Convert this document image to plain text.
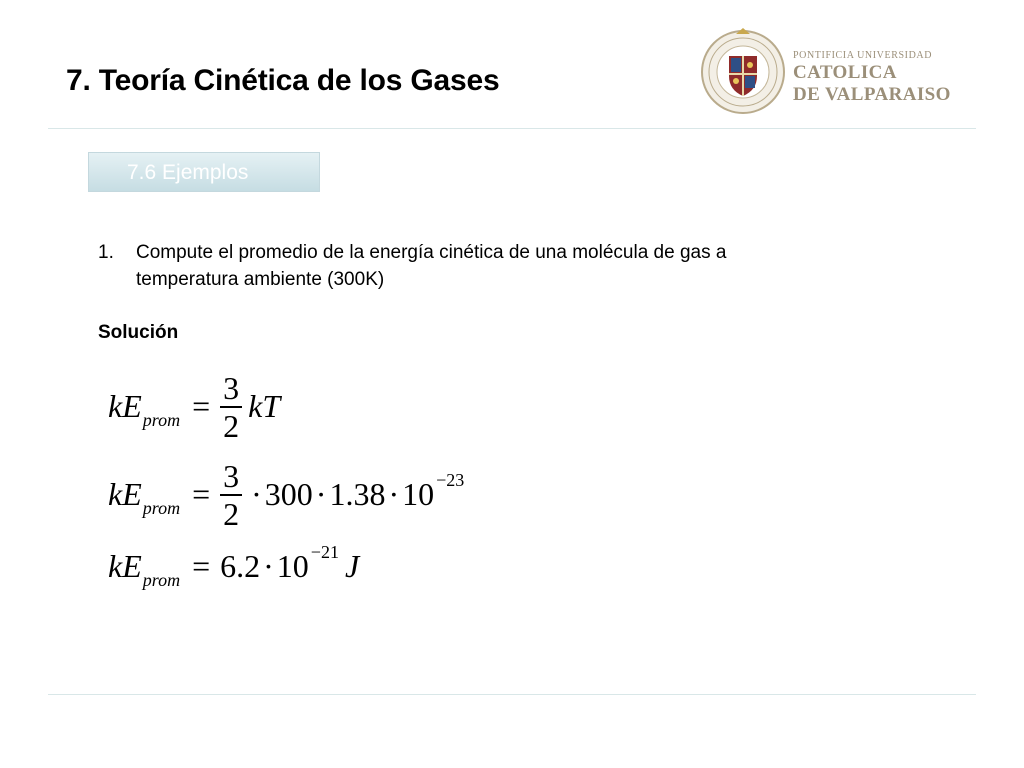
7. Teoría Cinética de los Gases
PONTIFICIA UNIVERSIDAD
CATOLICA
DE VALPARAISO
7.6 Ejemplos
1. Compute el promedio de la energía cinética de una molécula de gas a
temperatura ambiente (300K)
Solución
kE prom = $\frac{3}{2}$ kT
kE prom = $\frac{3}{2} \cdot 300 \cdot 1.38 \cdot 10 -23$
kE prom = 6.2 · 10 −21 J
